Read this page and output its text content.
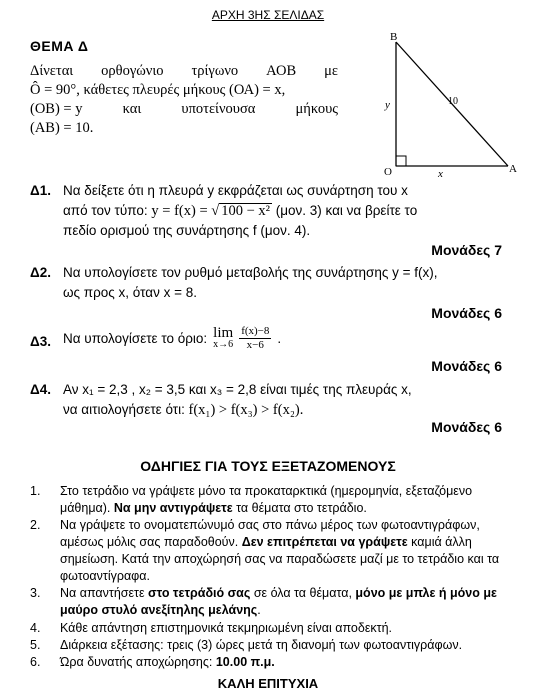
ΑΡΧΗ 3ΗΣ ΣΕΛΙΔΑΣ
ΘΕΜΑ Δ
Δίνεται ορθογώνιο τρίγωνο ΑΟΒ με
Ô = 90°, κάθετες πλευρές μήκους (ΟΑ) = x,
(ΟΒ) = y	και	υποτείνουσα	μήκους
(ΑΒ) = 10.
B
O	A
y
x
10
Δ1. Να δείξετε ότι η πλευρά y εκφράζεται ως συνάρτηση του x
από τον τύπο: y = f(x) = √ 100 − x² (μον. 3) και να βρείτε το
πεδίο ορισμού της συνάρτησης f (μον. 4).
Μονάδες 7
Δ2. Να υπολογίσετε τον ρυθμό μεταβολής της συνάρτησης y = f(x),
ως προς x, όταν x = 8.
Μονάδες 6
Δ3. Να υπολογίσετε το όριο: lim
$x\to 6 \frac{f(x)-8}{x-6}$ .
Μονάδες 6
Δ4. Αν x₁ = 2,3 , x₂ = 3,5 και x₃ = 2,8 είναι τιμές της πλευράς x,
να αιτιολογήσετε ότι: f(x₁) > f(x₃) > f(x₂).
Μονάδες 6
ΟΔΗΓΙΕΣ ΓΙΑ ΤΟΥΣ ΕΞΕΤΑΖΟΜΕΝΟΥΣ
1. Στο τετράδιο να γράψετε μόνο τα προκαταρκτικά (ημερομηνία, εξεταζόμενο μάθημα). Να μην αντιγράψετε τα θέματα στο τετράδιο.
2. Να γράψετε το ονοματεπώνυμό σας στο πάνω μέρος των φωτοαντιγράφων, αμέσως μόλις σας παραδοθούν. Δεν επιτρέπεται να γράψετε καμιά άλλη σημείωση. Κατά την αποχώρησή σας να παραδώσετε μαζί με το τετράδιο και τα φωτοαντίγραφα.
3. Να απαντήσετε στο τετράδιό σας σε όλα τα θέματα, μόνο με μπλε ή μόνο με μαύρο στυλό ανεξίτηλης μελάνης.
4. Κάθε απάντηση επιστημονικά τεκμηριωμένη είναι αποδεκτή.
5. Διάρκεια εξέτασης: τρεις (3) ώρες μετά τη διανομή των φωτοαντιγράφων.
6. Ώρα δυνατής αποχώρησης: 10.00 π.μ.
ΚΑΛΗ ΕΠΙΤΥΧΙΑ
